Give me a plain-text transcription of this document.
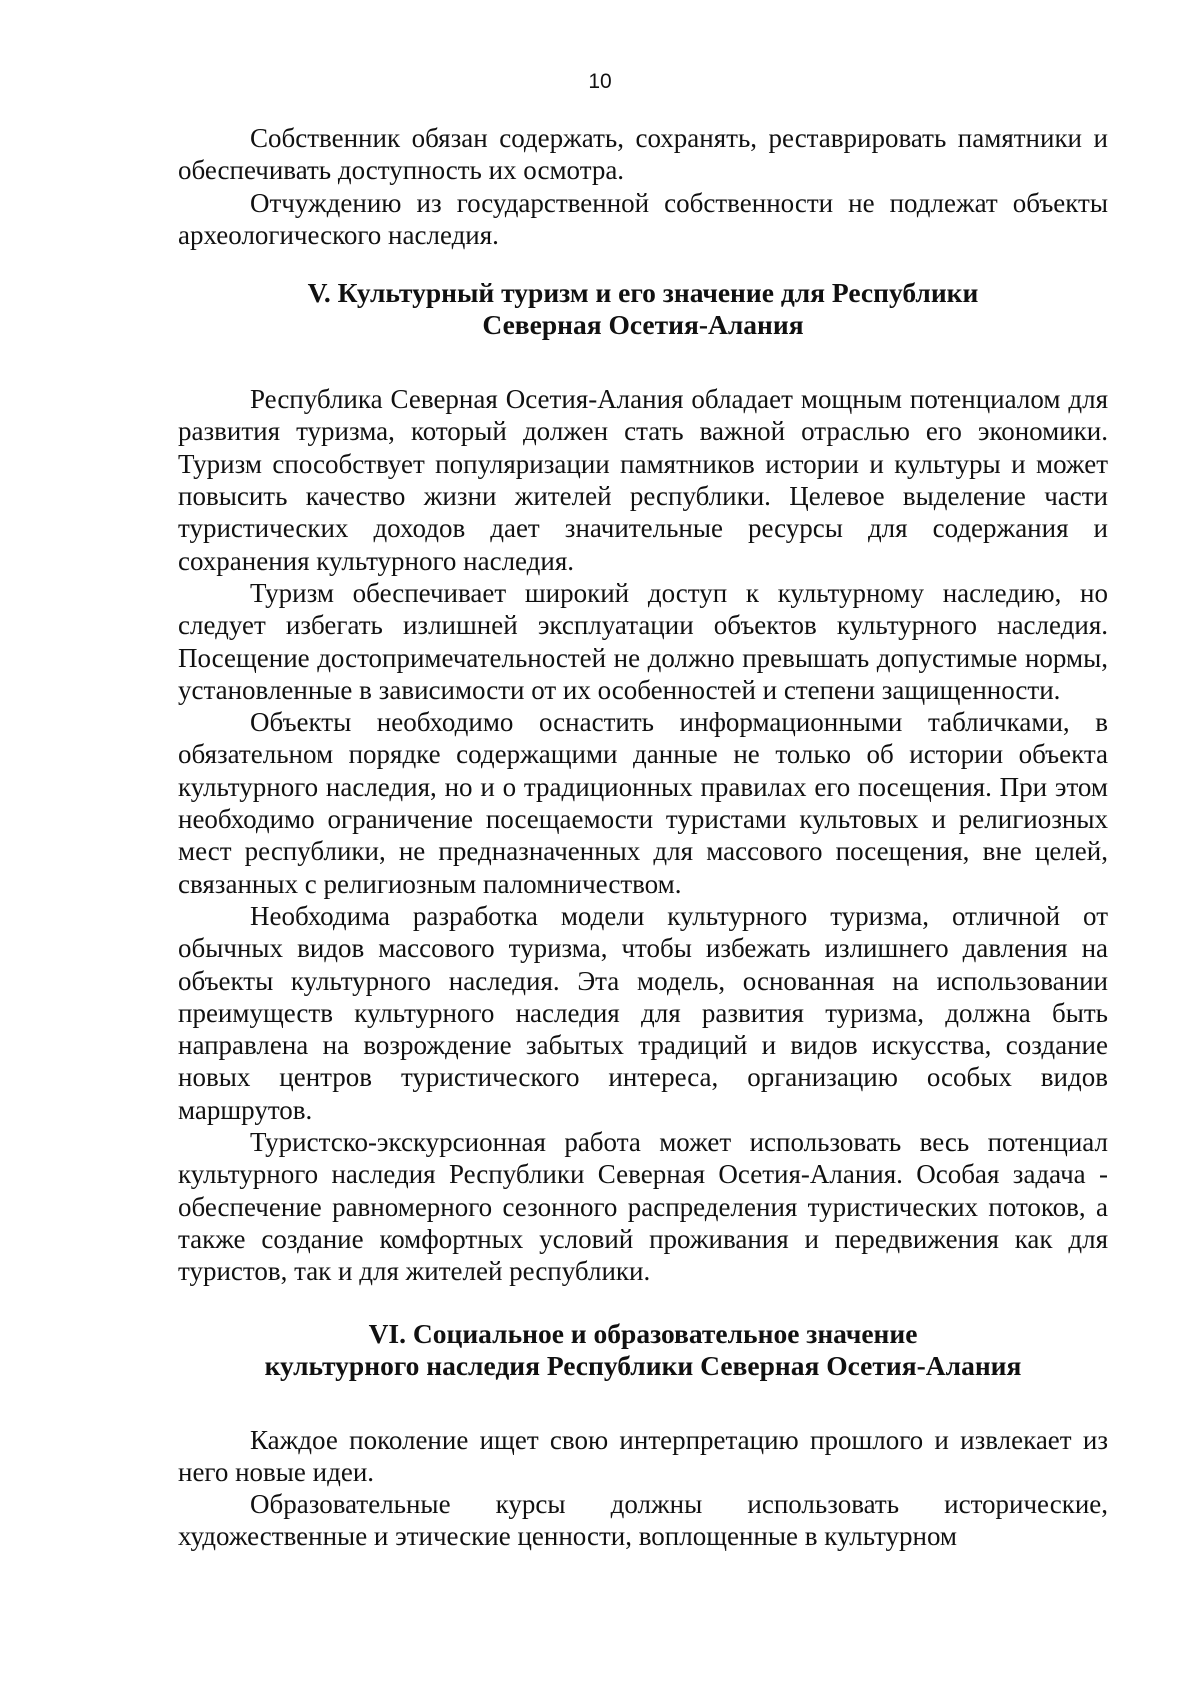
10

Собственник обязан содержать, сохранять, реставрировать памятники и обеспечивать доступность их осмотра.

Отчуждению из государственной собственности не подлежат объекты археологического наследия.

V. Культурный туризм и его значение для Республики
Северная Осетия-Алания

Республика Северная Осетия-Алания обладает мощным потенциалом для развития туризма, который должен стать важной отраслью его экономики. Туризм способствует популяризации памятников истории и культуры и может повысить качество жизни жителей республики. Целевое выделение части туристических доходов дает значительные ресурсы для содержания и сохранения культурного наследия.

Туризм обеспечивает широкий доступ к культурному наследию, но следует избегать излишней эксплуатации объектов культурного наследия. Посещение достопримечательностей не должно превышать допустимые нормы, установленные в зависимости от их особенностей и степени защищенности.

Объекты необходимо оснастить информационными табличками, в обязательном порядке содержащими данные не только об истории объекта культурного наследия, но и о традиционных правилах его посещения. При этом необходимо ограничение посещаемости туристами культовых и религиозных мест республики, не предназначенных для массового посещения, вне целей, связанных с религиозным паломничеством.

Необходима разработка модели культурного туризма, отличной от обычных видов массового туризма, чтобы избежать излишнего давления на объекты культурного наследия. Эта модель, основанная на использовании преимуществ культурного наследия для развития туризма, должна быть направлена на возрождение забытых традиций и видов искусства, создание новых центров туристического интереса, организацию особых видов маршрутов.

Туристско-экскурсионная работа может использовать весь потенциал культурного наследия Республики Северная Осетия-Алания. Особая задача - обеспечение равномерного сезонного распределения туристических потоков, а также создание комфортных условий проживания и передвижения как для туристов, так и для жителей республики.

VI. Социальное и образовательное значение
культурного наследия Республики Северная Осетия-Алания

Каждое поколение ищет свою интерпретацию прошлого и извлекает из него новые идеи.

Образовательные курсы должны использовать исторические, художественные и этические ценности, воплощенные в культурном
